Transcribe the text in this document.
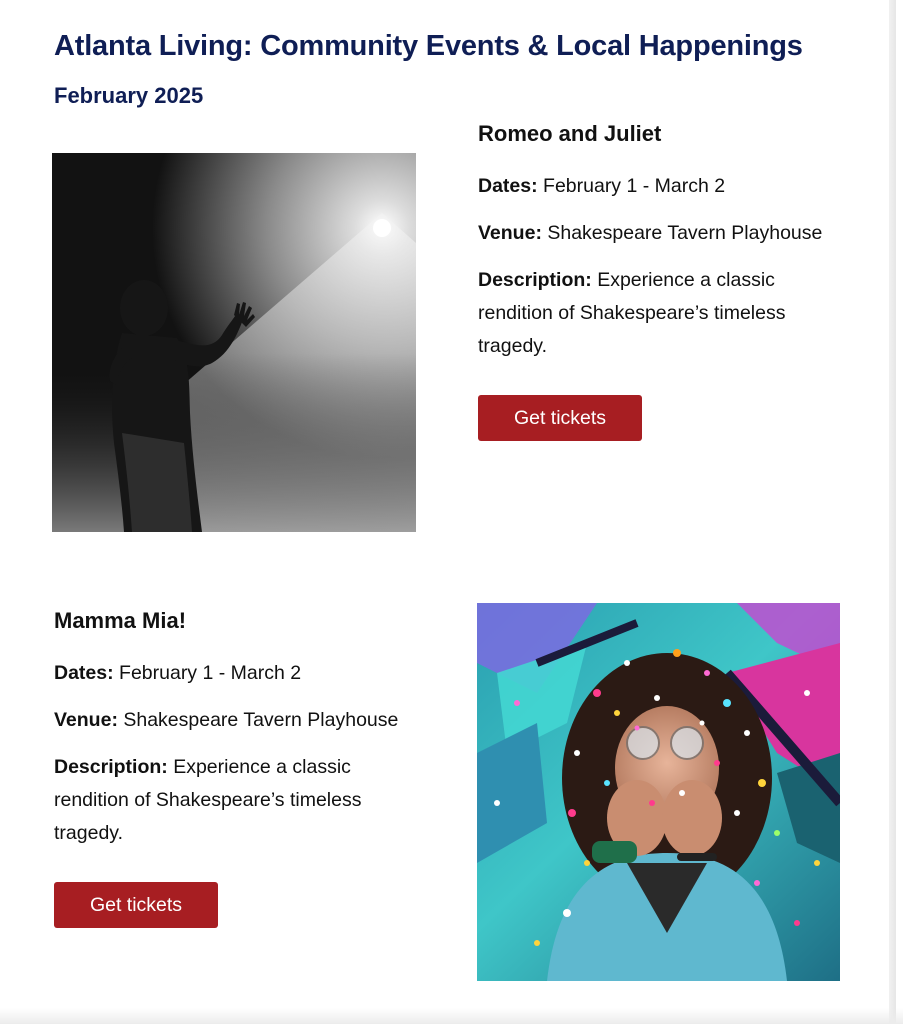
Atlanta Living: Community Events & Local Happenings
February 2025
Romeo and Juliet

Dates: February 1 - March 2

Venue: Shakespeare Tavern Playhouse

Description: Experience a classic rendition of Shakespeare’s timeless tragedy.

Get tickets
Mamma Mia!

Dates: February 1 - March 2

Venue: Shakespeare Tavern Playhouse

Description: Experience a classic rendition of Shakespeare’s timeless tragedy.

Get tickets
